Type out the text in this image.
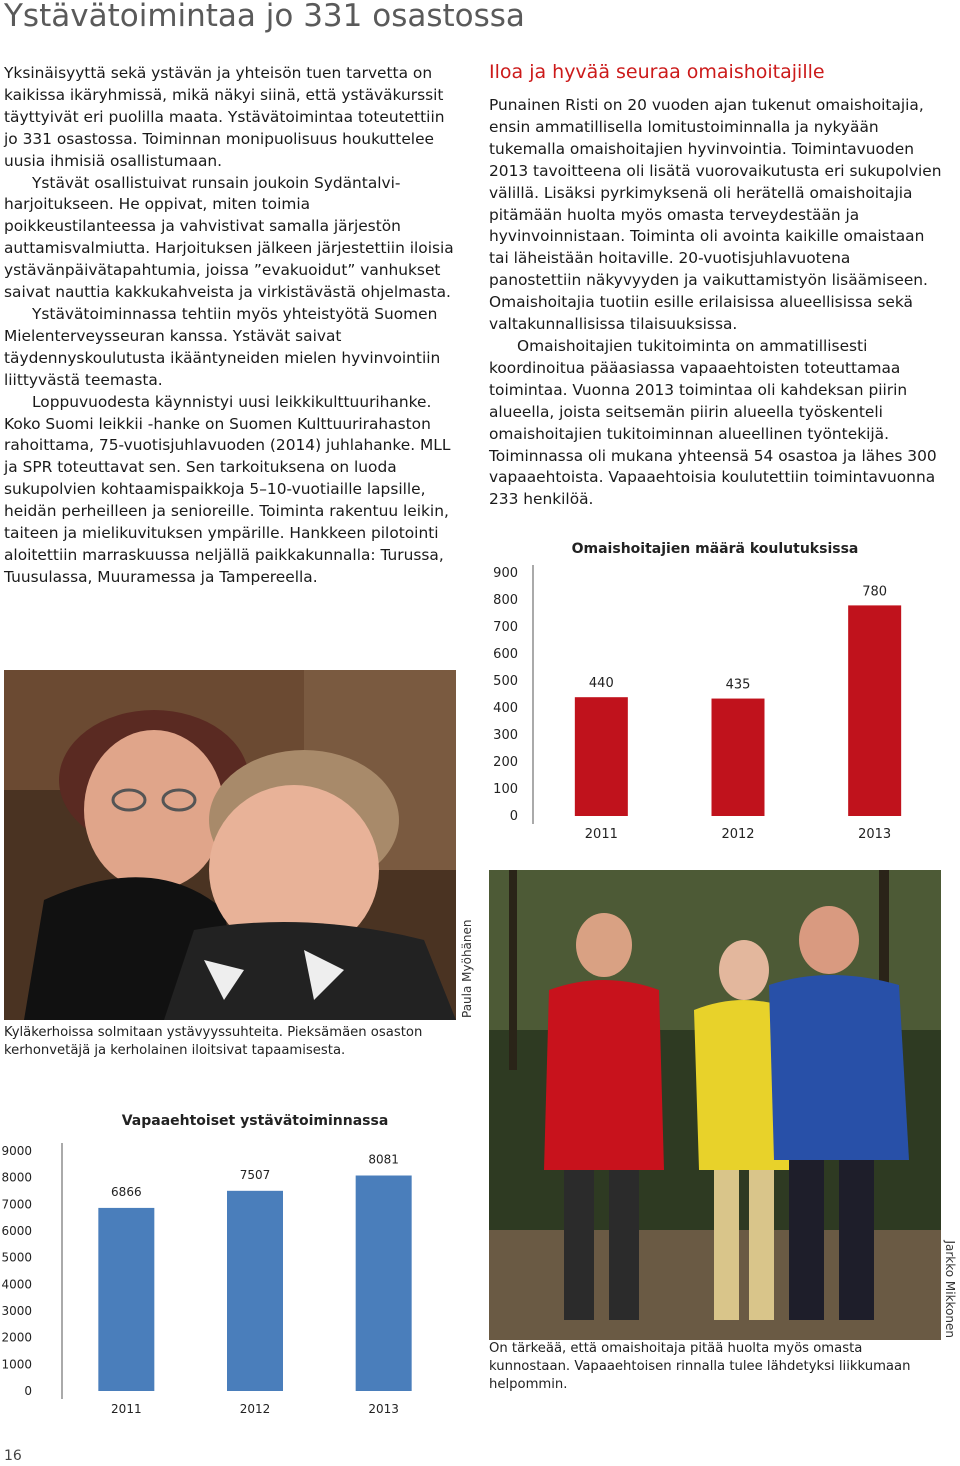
Ystävätoimintaa jo 331 osastossa

Yksinäisyyttä sekä ystävän ja yhteisön tuen tarvetta on kaikissa ikäryhmissä, mikä näkyi siinä, että ystäväkurssit täyttyivät eri puolilla maata. Ystävätoimintaa toteutettiin jo 331 osastossa. Toiminnan monipuolisuus houkuttelee uusia ihmisiä osallistumaan.

Ystävät osallistuivat runsain joukoin Sydäntalvi-harjoitukseen. He oppivat, miten toimia poikkeustilanteessa ja vahvistivat samalla järjestön auttamisvalmiutta. Harjoituksen jälkeen järjestettiin iloisia ystävänpäivätapahtumia, joissa ”evakuoidut” vanhukset saivat nauttia kakkukahveista ja virkistävästä ohjelmasta.

Ystävätoiminnassa tehtiin myös yhteistyötä Suomen Mielenterveysseuran kanssa. Ystävät saivat täydennyskoulutusta ikääntyneiden mielen hyvinvointiin liittyvästä teemasta.

Loppuvuodesta käynnistyi uusi leikkikulttuurihanke. Koko Suomi leikkii -hanke on Suomen Kulttuurirahaston rahoittama, 75-vuotisjuhlavuoden (2014) juhlahanke. MLL ja SPR toteuttavat sen. Sen tarkoituksena on luoda sukupolvien kohtaamispaikkoja 5–10-vuotiaille lapsille, heidän perheilleen ja senioreille. Toiminta rakentuu leikin, taiteen ja mielikuvituksen ympärille. Hankkeen pilotointi aloitettiin marraskuussa neljällä paikkakunnalla: Turussa, Tuusulassa, Muuramessa ja Tampereella.

Iloa ja hyvää seuraa omaishoitajille

Punainen Risti on 20 vuoden ajan tukenut omaishoitajia, ensin ammatillisella lomitustoiminnalla ja nykyään tukemalla omaishoitajien hyvinvointia. Toimintavuoden 2013 tavoitteena oli lisätä vuorovaikutusta eri sukupolvien välillä. Lisäksi pyrkimyksenä oli herätellä omaishoitajia pitämään huolta myös omasta terveydestään ja hyvinvoinnistaan. Toiminta oli avointa kaikille omaistaan tai läheistään hoitaville. 20-vuotisjuhlavuotena panostettiin näkyvyyden ja vaikuttamistyön lisäämiseen. Omaishoitajia tuotiin esille erilaisissa alueellisissa sekä valtakunnallisissa tilaisuuksissa.

Omaishoitajien tukitoiminta on ammatillisesti koordinoitua pääasiassa vapaaehtoisten toteuttamaa toimintaa. Vuonna 2013 toimintaa oli kahdeksan piirin alueella, joista seitsemän piirin alueella työskenteli omaishoitajien tukitoiminnan alueellinen työntekijä. Toiminnassa oli mukana yhteensä 54 osastoa ja lähes 300 vapaaehtoista. Vapaaehtoisia koulutettiin toimintavuonna 233 henkilöä.

Omaishoitajien määrä koulutuksissa
0
100
200
300
400
500
600
700
800
900
440
2011
435
2012
780
2013
Paula Myöhänen
Kyläkerhoissa solmitaan ystävyyssuhteita. Pieksämäen osaston kerhonvetäjä ja kerholainen iloitsivat tapaamisesta.
Jarkko Mikkonen
On tärkeää, että omaishoitaja pitää huolta myös omasta kunnostaan. Vapaaehtoisen rinnalla tulee lähdetyksi liikkumaan helpommin.
Vapaaehtoiset ystävätoiminnassa
0
1000
2000
3000
4000
5000
6000
7000
8000
9000
6866
2011
7507
2012
8081
2013
16
